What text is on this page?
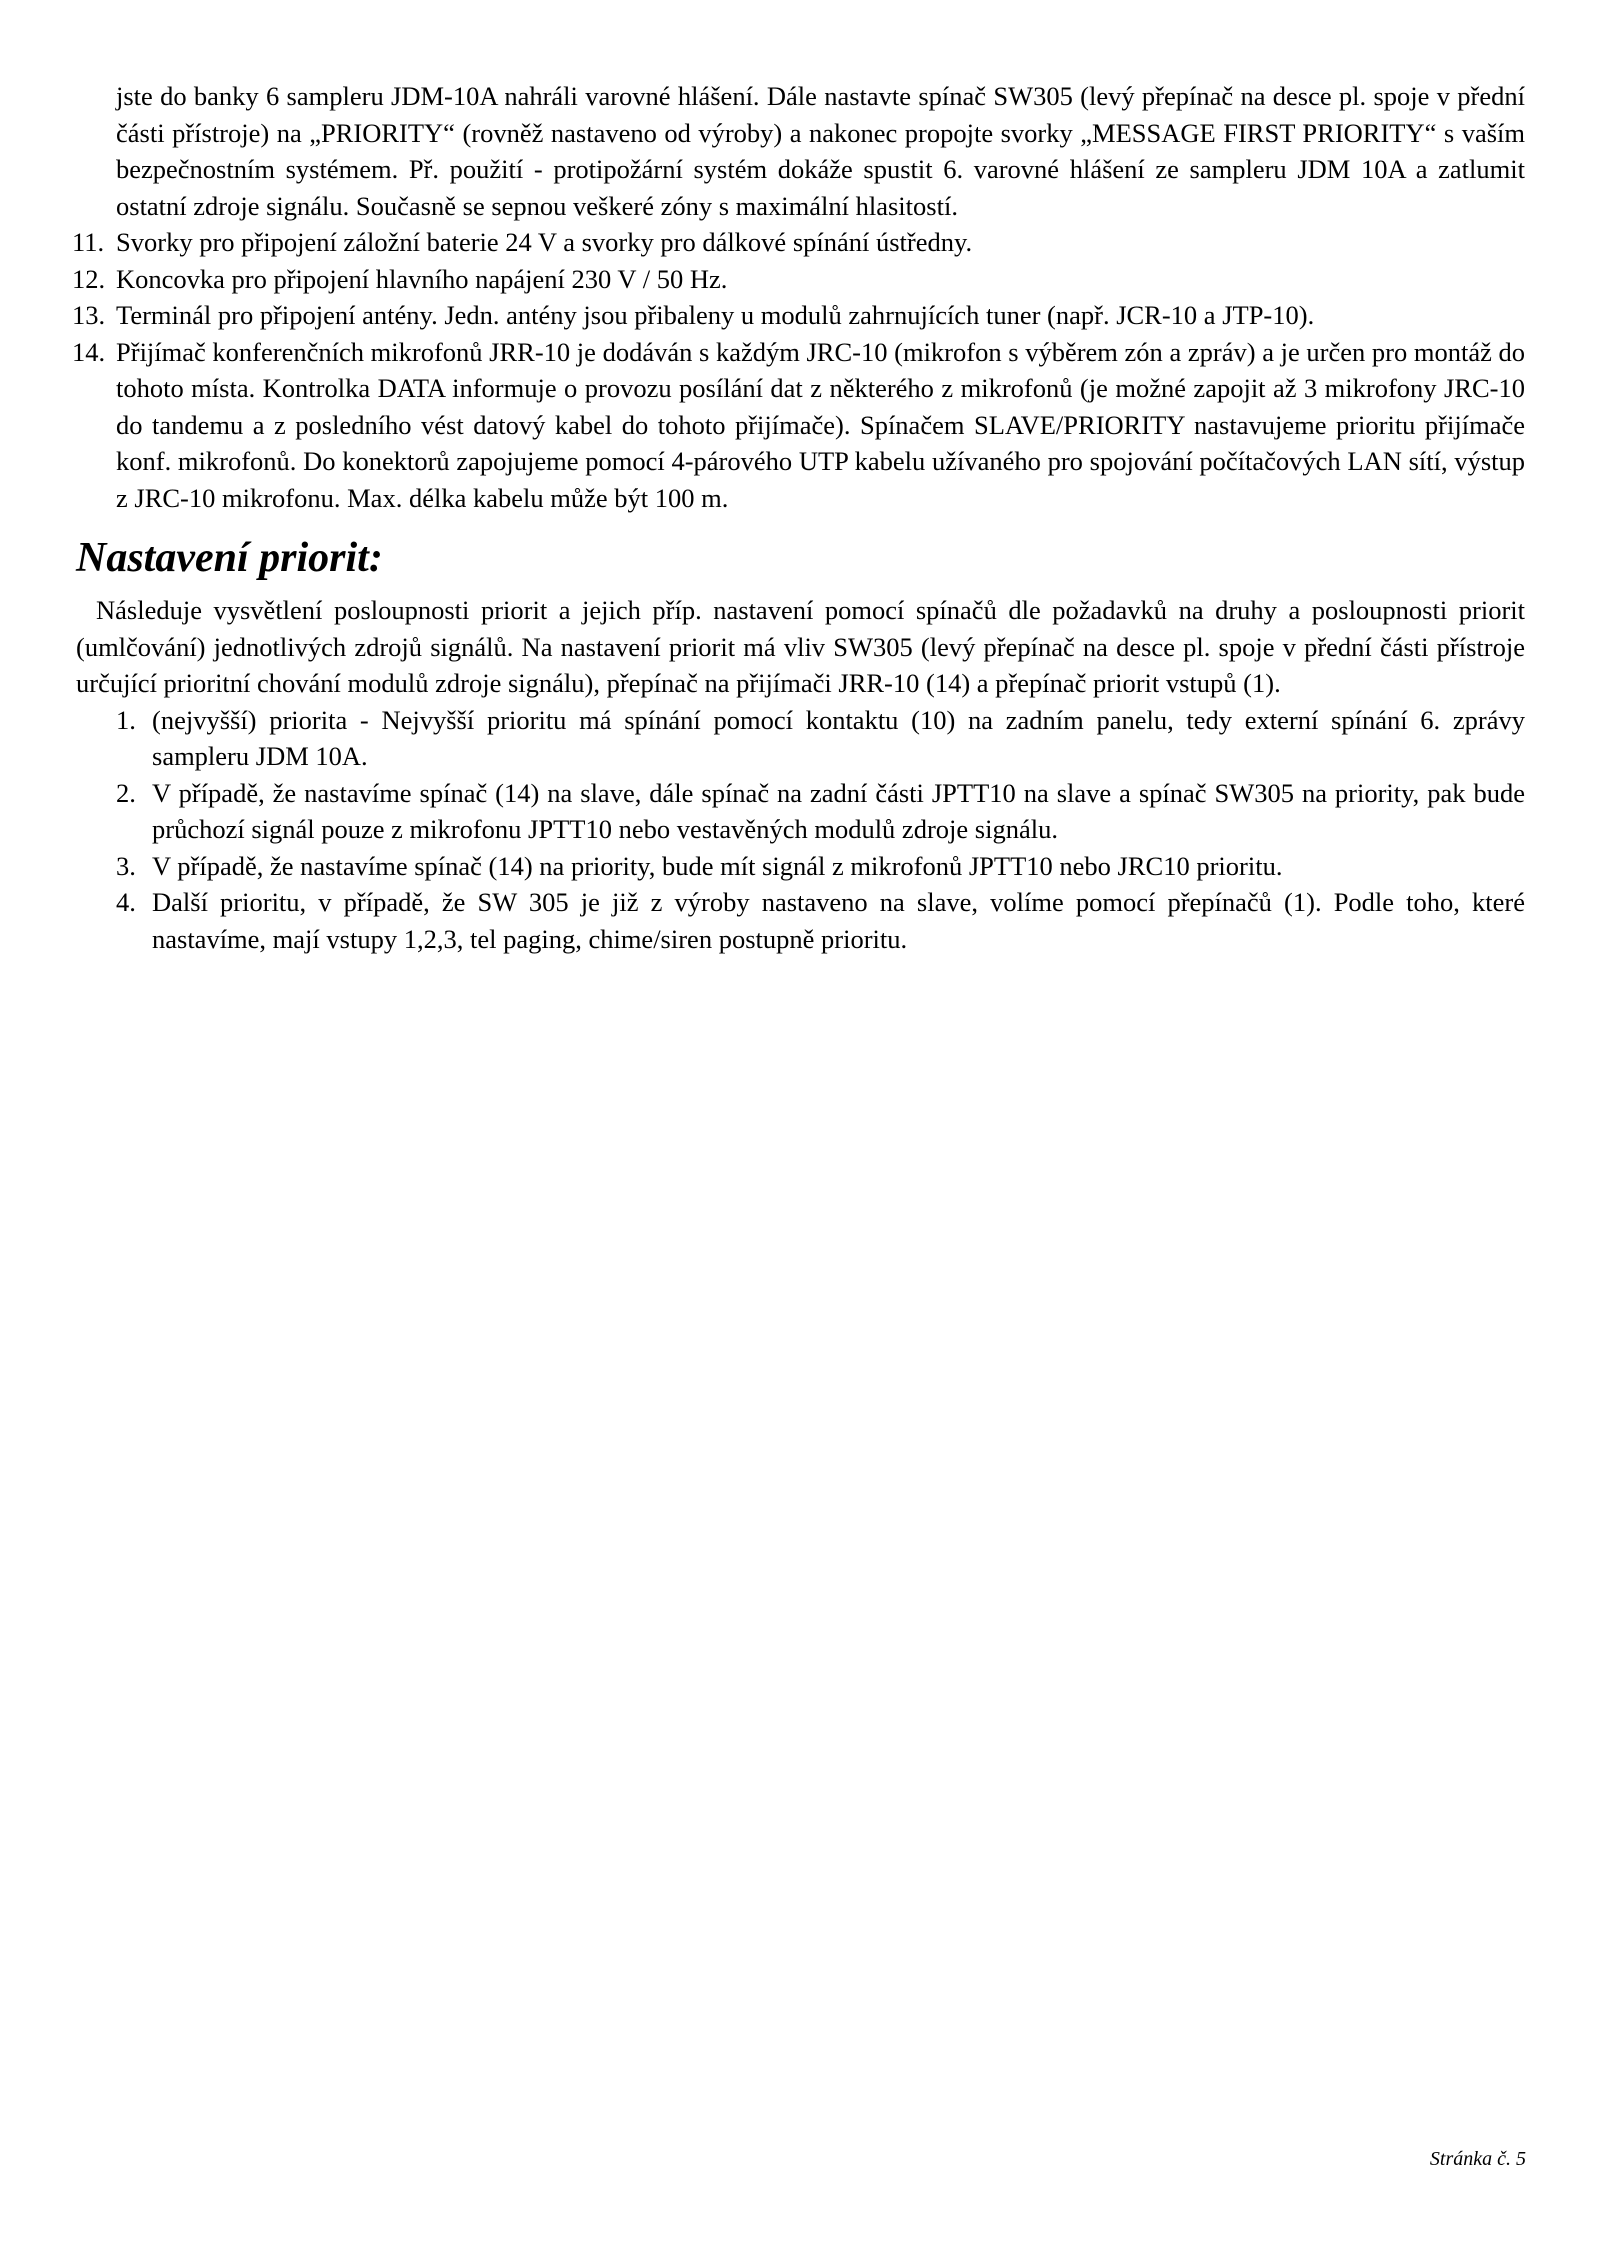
jste do banky 6 sampleru JDM-10A nahráli varovné hlášení. Dále nastavte spínač SW305 (levý přepínač na desce pl. spoje v přední části přístroje) na „PRIORITY“ (rovněž nastaveno od výroby) a nakonec propojte svorky „MESSAGE FIRST PRIORITY“ s vaším bezpečnostním systémem. Př. použití - protipožární systém dokáže spustit 6. varovné hlášení ze sampleru JDM 10A a zatlumit ostatní zdroje signálu. Současně se sepnou veškeré zóny s maximální hlasitostí.

11. Svorky pro připojení záložní baterie 24 V a svorky pro dálkové spínání ústředny.
12. Koncovka pro připojení hlavního napájení 230 V / 50 Hz.
13. Terminál pro připojení antény. Jedn. antény jsou přibaleny u modulů zahrnujících tuner (např. JCR-10 a JTP-10).
14. Přijímač konferenčních mikrofonů JRR-10 je dodáván s každým JRC-10 (mikrofon s výběrem zón a zpráv) a je určen pro montáž do tohoto místa. Kontrolka DATA informuje o provozu posílání dat z některého z mikrofonů (je možné zapojit až 3 mikrofony JRC-10 do tandemu a z posledního vést datový kabel do tohoto přijímače). Spínačem SLAVE/PRIORITY nastavujeme prioritu přijímače konf. mikrofonů. Do konektorů zapojujeme pomocí 4-párového UTP kabelu užívaného pro spojování počítačových LAN sítí, výstup z JRC-10 mikrofonu. Max. délka kabelu může být 100 m.
Nastavení priorit:

Následuje vysvětlení posloupnosti priorit a jejich příp. nastavení pomocí spínačů dle požadavků na druhy a posloupnosti priorit (umlčování) jednotlivých zdrojů signálů. Na nastavení priorit má vliv SW305 (levý přepínač na desce pl. spoje v přední části přístroje určující prioritní chování modulů zdroje signálu), přepínač na přijímači JRR-10 (14) a přepínač priorit vstupů (1).

1. (nejvyšší) priorita - Nejvyšší prioritu má spínání pomocí kontaktu (10) na zadním panelu, tedy externí spínání 6. zprávy sampleru JDM 10A.
2. V případě, že nastavíme spínač (14) na slave, dále spínač na zadní části JPTT10 na slave a spínač SW305 na priority, pak bude průchozí signál pouze z mikrofonu JPTT10 nebo vestavěných modulů zdroje signálu.
3. V případě, že nastavíme spínač (14) na priority, bude mít signál z mikrofonů JPTT10 nebo JRC10 prioritu.
4. Další prioritu, v případě, že SW 305 je již z výroby nastaveno na slave, volíme pomocí přepínačů (1). Podle toho, které nastavíme, mají vstupy 1,2,3, tel paging, chime/siren postupně prioritu.
Stránka č. 5
